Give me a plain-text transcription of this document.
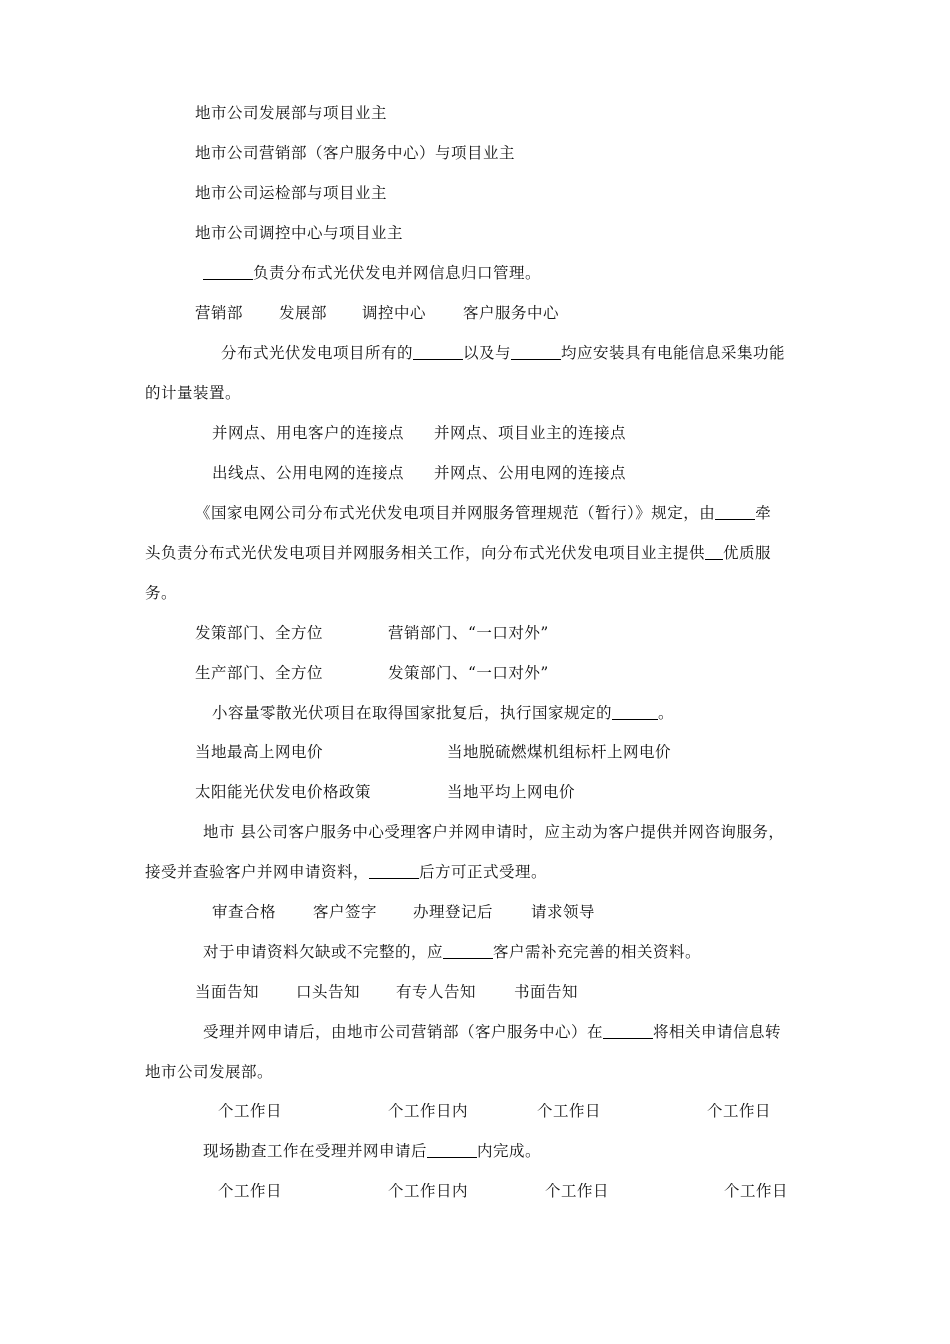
地市公司发展部与项目业主
地市公司营销部（客户服务中心）与项目业主
地市公司运检部与项目业主
地市公司调控中心与项目业主
负责分布式光伏发电并网信息归口管理。
营销部 发展部 调控中心 客户服务中心
分布式光伏发电项目所有的	以及与	均应安装具有电能信息采集功能
的计量装置。
并网点、用电客户的连接点 并网点、项目业主的连接点
出线点、公用电网的连接点 并网点、公用电网的连接点
《国家电网公司分布式光伏发电项目并网服务管理规范（暂行）》规定，由	牵
头负责分布式光伏发电项目并网服务相关工作，向分布式光伏发电项目业主提供 优质服
务。
发策部门、全方位	营销部门、“一口对外”
生产部门、全方位	发策部门、“一口对外”
小容量零散光伏项目在取得国家批复后，执行国家规定的	。
当地最高上网电价	当地脱硫燃煤机组标杆上网电价
太阳能光伏发电价格政策	当地平均上网电价
地市 县公司客户服务中心受理客户并网申请时，应主动为客户提供并网咨询服务，
接受并查验客户并网申请资料，	后方可正式受理。
审查合格 客户签字 办理登记后 请求领导
对于申请资料欠缺或不完整的，应	客户需补充完善的相关资料。
当面告知 口头告知 有专人告知 书面告知
受理并网申请后，由地市公司营销部（客户服务中心）在	将相关申请信息转
地市公司发展部。
个工作日	个工作日内	个工作日	个工作日
现场勘查工作在受理并网申请后	内完成。
个工作日	个工作日内	个工作日	个工作日
